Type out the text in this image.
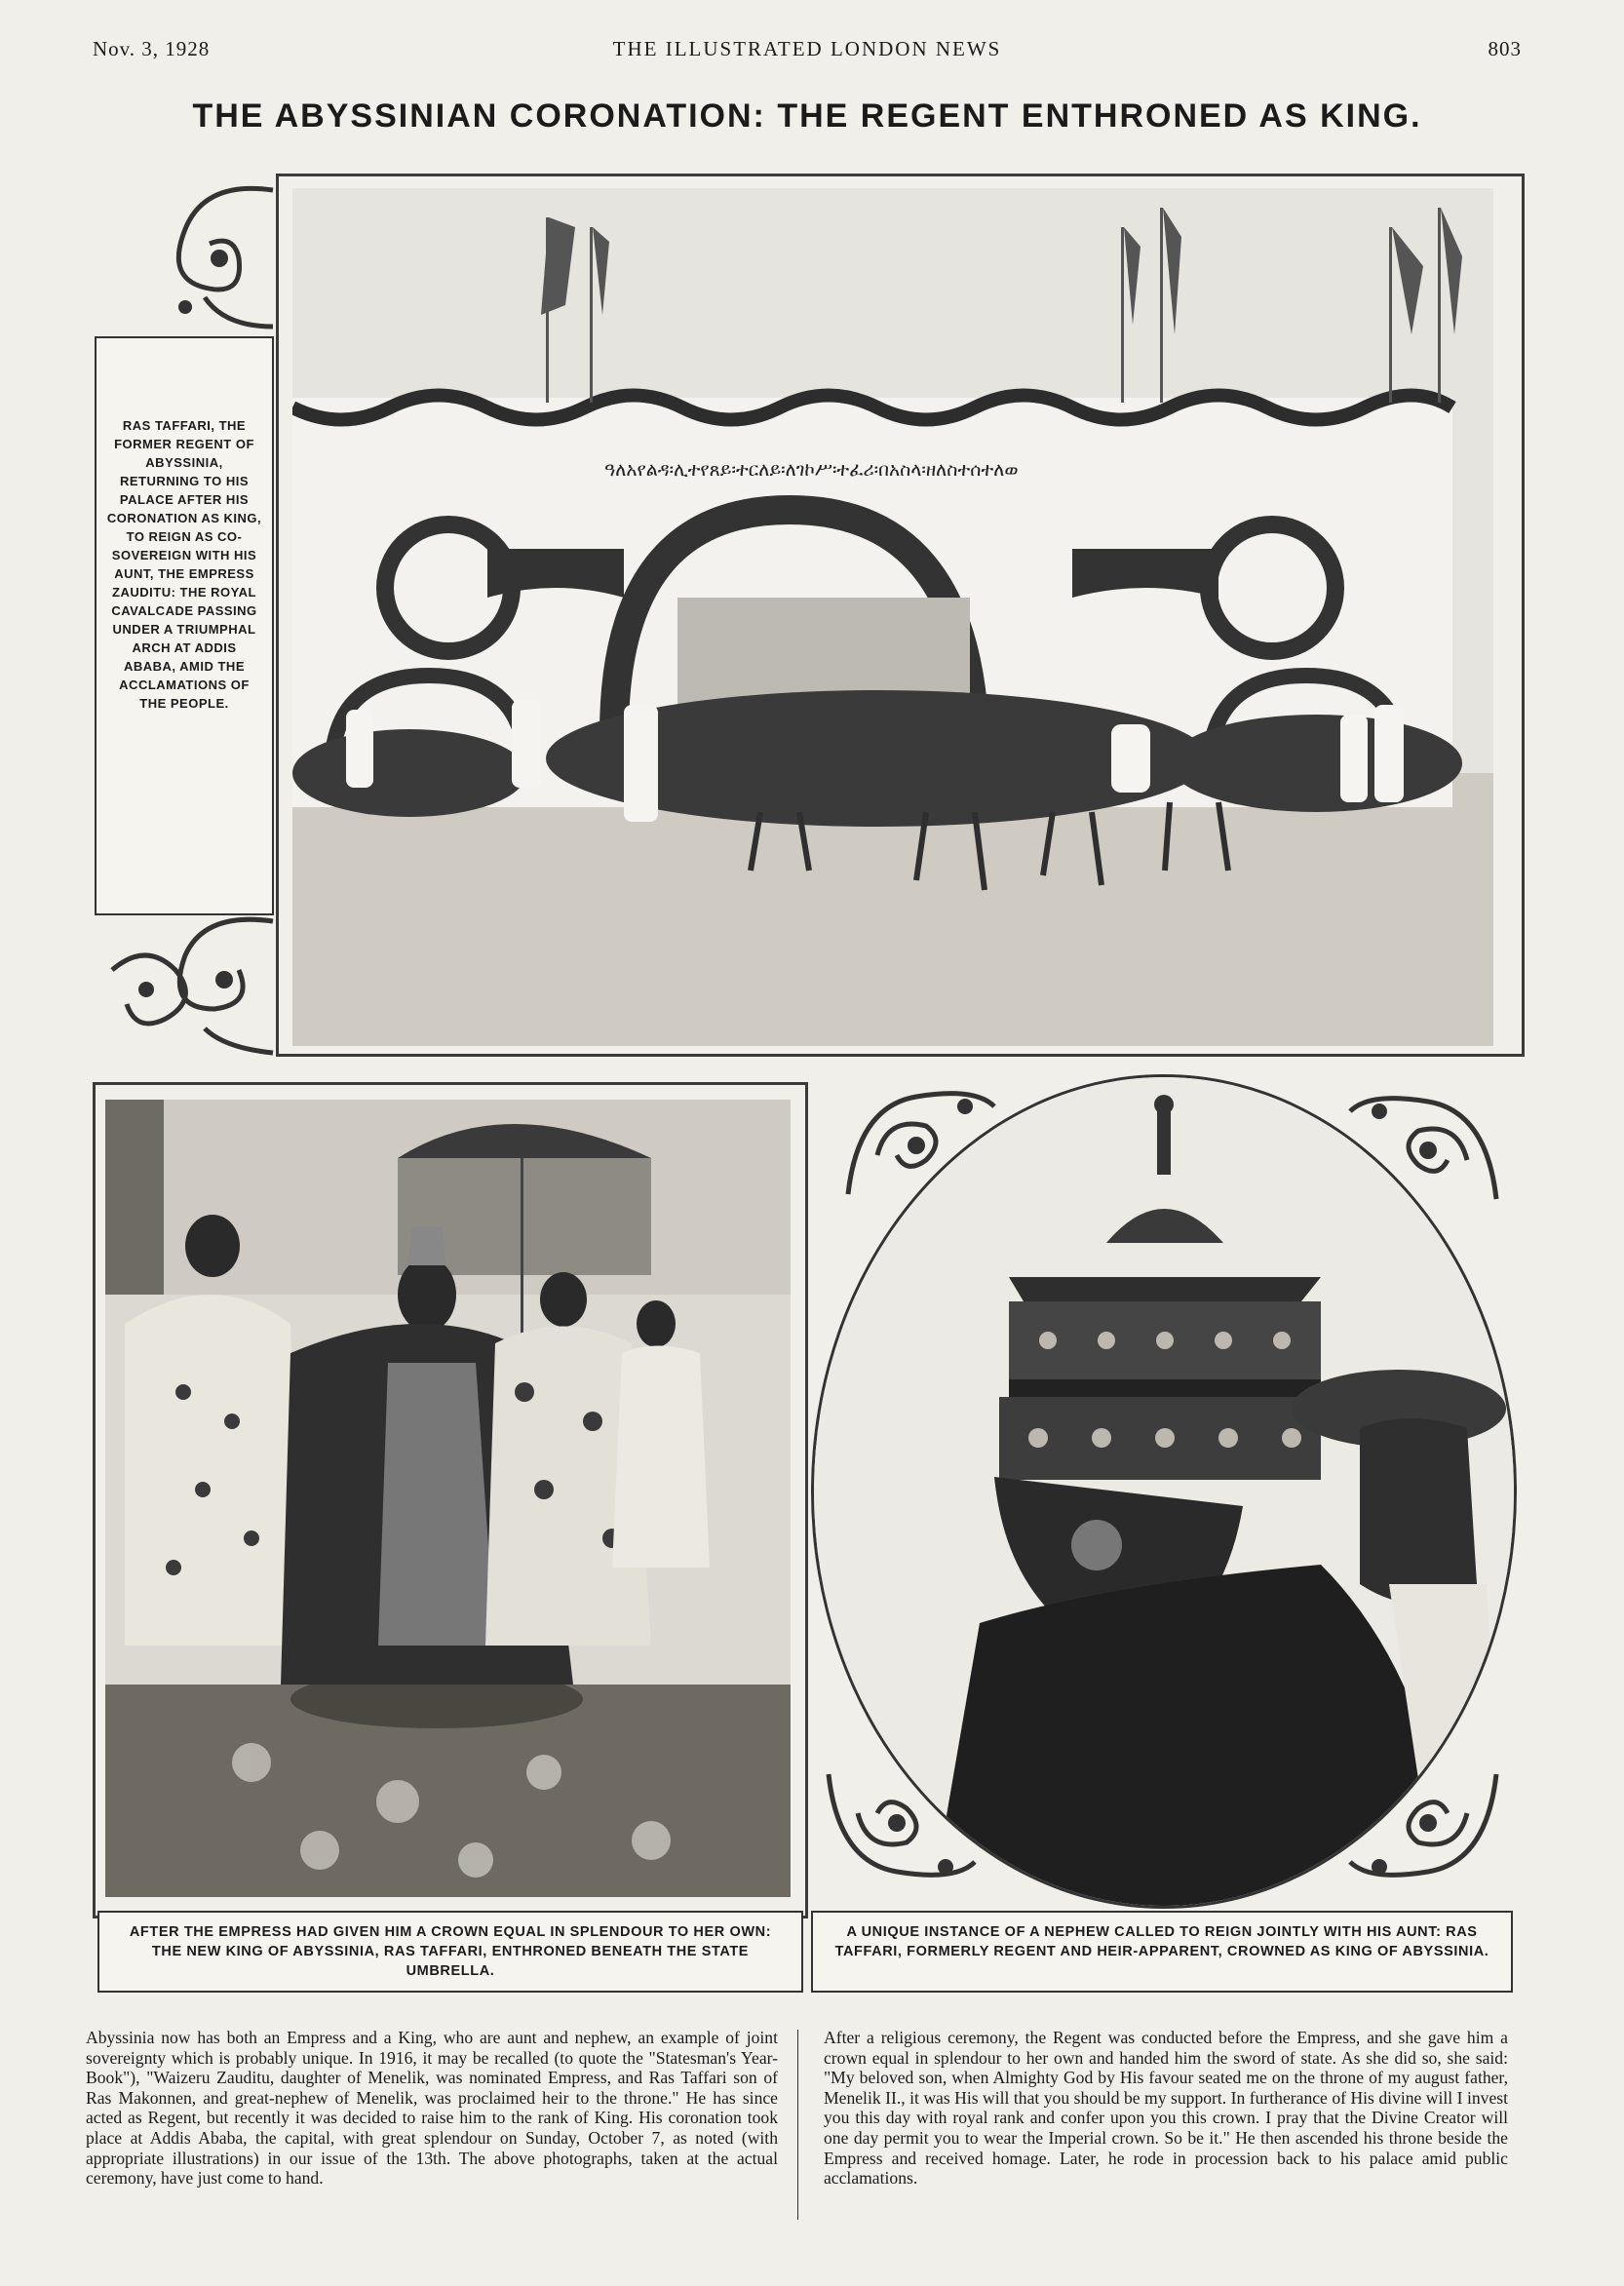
Nov. 3, 1928	THE ILLUSTRATED LONDON NEWS	803
THE ABYSSINIAN CORONATION: THE REGENT ENTHRONED AS KING.
ዓለአየልዳ፡ሊተየጸይ፡ተርለይ፡ለገኮሥ፡ተፈሪ፡በአስላ፡ዘለስተሰተለወ
RAS TAFFARI, THE FORMER REGENT OF ABYSSINIA, RETURNING TO HIS PALACE AFTER HIS CORONATION AS KING, TO REIGN AS CO-SOVEREIGN WITH HIS AUNT, THE EMPRESS ZAUDITU: THE ROYAL CAVALCADE PASSING UNDER A TRIUMPHAL ARCH AT ADDIS ABABA, AMID THE ACCLAMATIONS OF THE PEOPLE.
AFTER THE EMPRESS HAD GIVEN HIM A CROWN EQUAL IN SPLENDOUR TO HER OWN: THE NEW KING OF ABYSSINIA, RAS TAFFARI, ENTHRONED BENEATH THE STATE UMBRELLA.
A UNIQUE INSTANCE OF A NEPHEW CALLED TO REIGN JOINTLY WITH HIS AUNT: RAS TAFFARI, FORMERLY REGENT AND HEIR-APPARENT, CROWNED AS KING OF ABYSSINIA.
Abyssinia now has both an Empress and a King, who are aunt and nephew, an example of joint sovereignty which is probably unique. In 1916, it may be recalled (to quote the "Statesman's Year-Book"), "Waizeru Zauditu, daughter of Menelik, was nominated Empress, and Ras Taffari son of Ras Makonnen, and great-nephew of Menelik, was proclaimed heir to the throne." He has since acted as Regent, but recently it was decided to raise him to the rank of King. His coronation took place at Addis Ababa, the capital, with great splendour on Sunday, October 7, as noted (with appropriate illustrations) in our issue of the 13th. The above photographs, taken at the actual ceremony, have just come to hand.
After a religious ceremony, the Regent was conducted before the Empress, and she gave him a crown equal in splendour to her own and handed him the sword of state. As she did so, she said: "My beloved son, when Almighty God by His favour seated me on the throne of my august father, Menelik II., it was His will that you should be my support. In furtherance of His divine will I invest you this day with royal rank and confer upon you this crown. I pray that the Divine Creator will one day permit you to wear the Imperial crown. So be it." He then ascended his throne beside the Empress and received homage. Later, he rode in procession back to his palace amid public acclamations.
